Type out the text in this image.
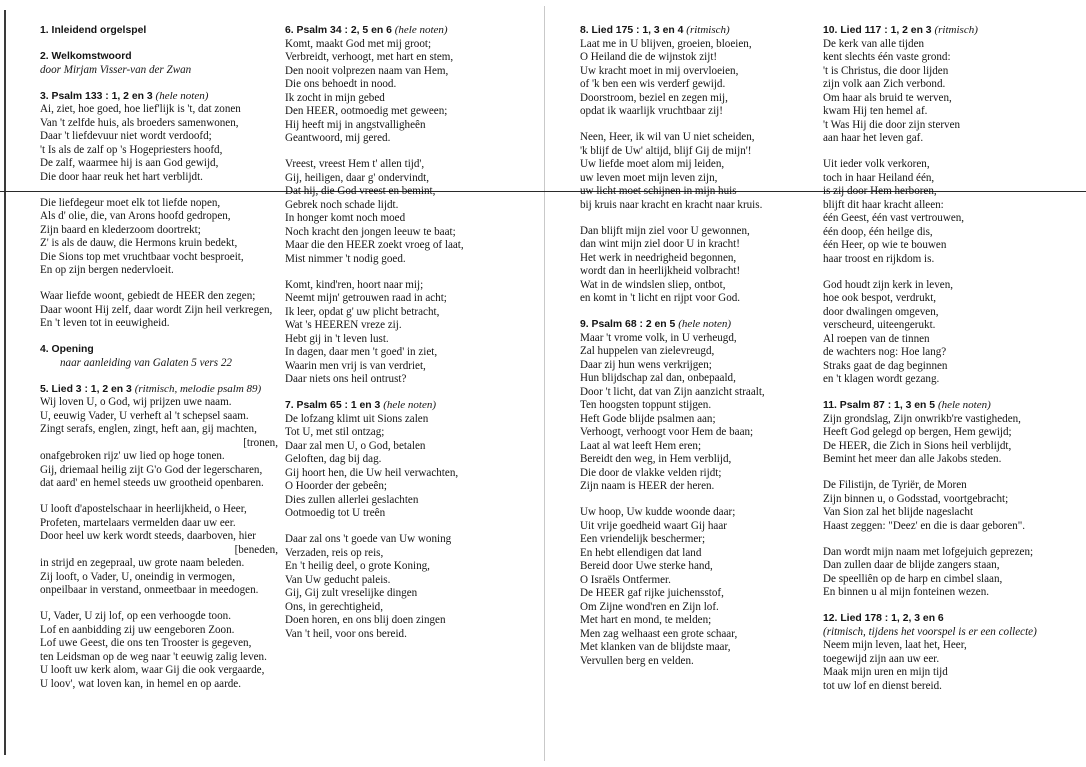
1. Inleidend orgelspel
2. Welkomstwoord
door Mirjam Visser-van der Zwan
3. Psalm 133 : 1, 2 en 3 (hele noten)
Ai, ziet, hoe goed, hoe lief'lijk is 't, dat zonen
Van 't zelfde huis, als broeders samenwonen,
Daar 't liefdevuur niet wordt verdoofd;
't Is als de zalf op 's Hogepriesters hoofd,
De zalf, waarmee hij is aan God gewijd,
Die door haar reuk het hart verblijdt.
Die liefdegeur moet elk tot liefde nopen,
Als d' olie, die, van Arons hoofd gedropen,
Zijn baard en klederzoom doortrekt;
Z' is als de dauw, die Hermons kruin bedekt,
Die Sions top met vruchtbaar vocht besproeit,
En op zijn bergen nedervloeit.
Waar liefde woont, gebiedt de HEER den zegen;
Daar woont Hij zelf, daar wordt Zijn heil verkregen,
En 't leven tot in eeuwigheid.
4. Opening
naar aanleiding van Galaten 5 vers 22
5. Lied 3 : 1, 2 en 3 (ritmisch, melodie psalm 89)
Wij loven U, o God, wij prijzen uwe naam.
U, eeuwig Vader, U verheft al 't schepsel saam.
Zingt serafs, englen, zingt, heft aan, gij machten,
[tronen,
onafgebroken rijz' uw lied op hoge tonen.
Gij, driemaal heilig zijt G'o God der legerscharen,
dat aard' en hemel steeds uw grootheid openbaren.
U looft d'apostelschaar in heerlijkheid, o Heer,
Profeten, martelaars vermelden daar uw eer.
Door heel uw kerk wordt steeds, daarboven, hier
[beneden,
in strijd en zegepraal, uw grote naam beleden.
Zij looft, o Vader, U, oneindig in vermogen,
onpeilbaar in verstand, onmeetbaar in meedogen.
U, Vader, U zij lof, op een verhoogde toon.
Lof en aanbidding zij uw eengeboren Zoon.
Lof uwe Geest, die ons ten Trooster is gegeven,
ten Leidsman op de weg naar 't eeuwig zalig leven.
U looft uw kerk alom, waar Gij die ook vergaarde,
U loov', wat loven kan, in hemel en op aarde.
6. Psalm 34 : 2, 5 en 6 (hele noten)
Komt, maakt God met mij groot;
Verbreidt, verhoogt, met hart en stem,
Den nooit volprezen naam van Hem,
Die ons behoedt in nood.
Ik zocht in mijn gebed
Den HEER, ootmoedig met geween;
Hij heeft mij in angstvalligheên
Geantwoord, mij gered.
Vreest, vreest Hem t' allen tijd',
Gij, heiligen, daar g' ondervindt,
Dat hij, die God vreest en bemint,
Gebrek noch schade lijdt.
In honger komt noch moed
Noch kracht den jongen leeuw te baat;
Maar die den HEER zoekt vroeg of laat,
Mist nimmer 't nodig goed.
Komt, kind'ren, hoort naar mij;
Neemt mijn' getrouwen raad in acht;
Ik leer, opdat g' uw plicht betracht,
Wat 's HEEREN vreze zij.
Hebt gij in 't leven lust.
In dagen, daar men 't goed' in ziet,
Waarin men vrij is van verdriet,
Daar niets ons heil ontrust?
7. Psalm 65 : 1 en 3 (hele noten)
De lofzang klimt uit Sions zalen
Tot U, met stil ontzag;
Daar zal men U, o God, betalen
Geloften, dag bij dag.
Gij hoort hen, die Uw heil verwachten,
O Hoorder der gebeên;
Dies zullen allerlei geslachten
Ootmoedig tot U treên
Daar zal ons 't goede van Uw woning
Verzaden, reis op reis,
En 't heilig deel, o grote Koning,
Van Uw geducht paleis.
Gij, Gij zult vreselijke dingen
Ons, in gerechtigheid,
Doen horen, en ons blij doen zingen
Van 't heil, voor ons bereid.
8. Lied 175 : 1, 3 en 4 (ritmisch)
Laat me in U blijven, groeien, bloeien,
O Heiland die de wijnstok zijt!
Uw kracht moet in mij overvloeien,
of 'k ben een wis verderf gewijd.
Doorstroom, beziel en zegen mij,
opdat ik waarlijk vruchtbaar zij!
Neen, Heer, ik wil van U niet scheiden,
'k blijf de Uw' altijd, blijf Gij de mijn'!
Uw liefde moet alom mij leiden,
uw leven moet mijn leven zijn,
uw licht moet schijnen in mijn huis
bij kruis naar kracht en kracht naar kruis.
Dan blijft mijn ziel voor U gewonnen,
dan wint mijn ziel door U in kracht!
Het werk in needrigheid begonnen,
wordt dan in heerlijkheid volbracht!
Wat in de windslen sliep, ontbot,
en komt in 't licht en rijpt voor God.
9. Psalm 68 : 2 en 5 (hele noten)
Maar 't vrome volk, in U verheugd,
Zal huppelen van zielevreugd,
Daar zij hun wens verkrijgen;
Hun blijdschap zal dan, onbepaald,
Door 't licht, dat van Zijn aanzicht straalt,
Ten hoogsten toppunt stijgen.
Heft Gode blijde psalmen aan;
Verhoogt, verhoogt voor Hem de baan;
Laat al wat leeft Hem eren;
Bereidt den weg, in Hem verblijd,
Die door de vlakke velden rijdt;
Zijn naam is HEER der heren.
Uw hoop, Uw kudde woonde daar;
Uit vrije goedheid waart Gij haar
Een vriendelijk beschermer;
En hebt ellendigen dat land
Bereid door Uwe sterke hand,
O Israëls Ontfermer.
De HEER gaf rijke juichensstof,
Om Zijne wond'ren en Zijn lof.
Met hart en mond, te melden;
Men zag welhaast een grote schaar,
Met klanken van de blijdste maar,
Vervullen berg en velden.
10. Lied 117 : 1, 2 en 3 (ritmisch)
De kerk van alle tijden
kent slechts één vaste grond:
't is Christus, die door lijden
zijn volk aan Zich verbond.
Om haar als bruid te werven,
kwam Hij ten hemel af.
't Was Hij die door zijn sterven
aan haar het leven gaf.
Uit ieder volk verkoren,
toch in haar Heiland één,
is zij door Hem herboren,
blijft dit haar kracht alleen:
één Geest, één vast vertrouwen,
één doop, één heilge dis,
één Heer, op wie te bouwen
haar troost en rijkdom is.
God houdt zijn kerk in leven,
hoe ook bespot, verdrukt,
door dwalingen omgeven,
verscheurd, uiteengerukt.
Al roepen van de tinnen
de wachters nog: Hoe lang?
Straks gaat de dag beginnen
en 't klagen wordt gezang.
11. Psalm 87 : 1, 3 en 5 (hele noten)
Zijn grondslag, Zijn onwrikb're vastigheden,
Heeft God gelegd op bergen, Hem gewijd;
De HEER, die Zich in Sions heil verblijdt,
Bemint het meer dan alle Jakobs steden.
De Filistijn, de Tyriër, de Moren
Zijn binnen u, o Godsstad, voortgebracht;
Van Sion zal het blijde nageslacht
Haast zeggen: "Deez' en die is daar geboren".
Dan wordt mijn naam met lofgejuich geprezen;
Dan zullen daar de blijde zangers staan,
De speelliên op de harp en cimbel slaan,
En binnen u al mijn fonteinen wezen.
12. Lied 178 : 1, 2, 3 en 6
(ritmisch, tijdens het voorspel is er een collecte)
Neem mijn leven, laat het, Heer,
toegewijd zijn aan uw eer.
Maak mijn uren en mijn tijd
tot uw lof en dienst bereid.
